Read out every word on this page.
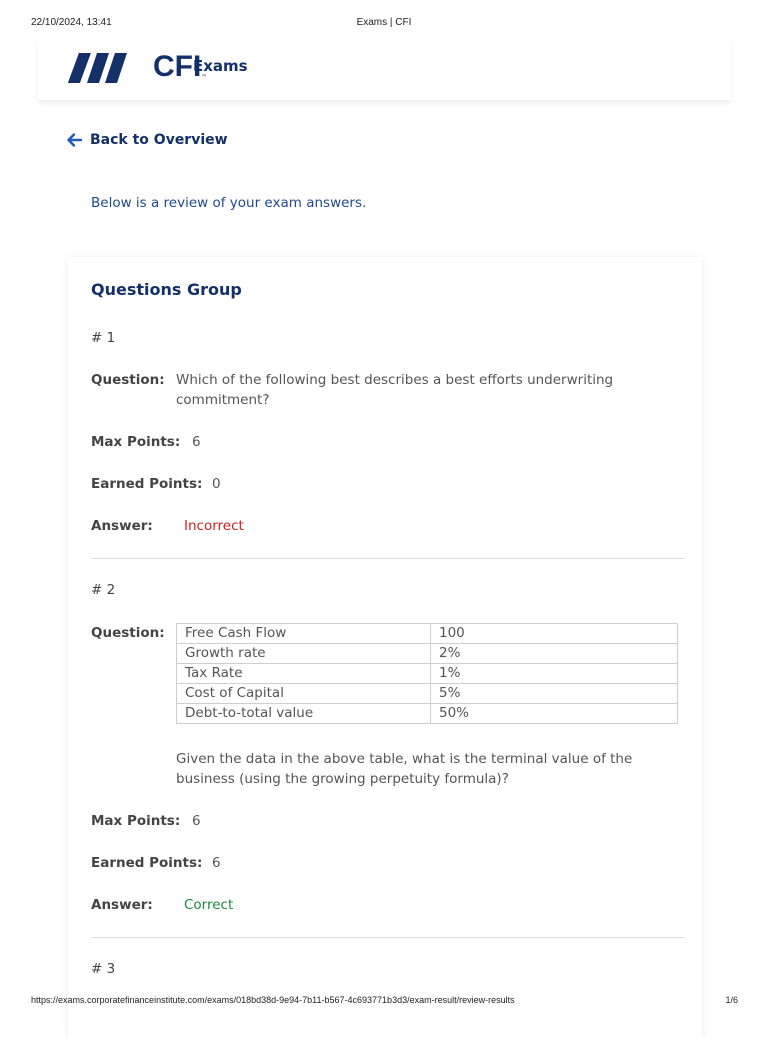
22/10/2024, 13:41	Exams | CFI
CFI ™
Exams
Back to Overview
Below is a review of your exam answers.
Questions Group
# 1
Question: Which of the following best describes a best efforts underwriting commitment?
Max Points: 6
Earned Points: 0
Answer: Incorrect
# 2
Question: Free Cash Flow	100
Growth rate	2%
Tax Rate	1%
Cost of Capital	5%
Debt-to-total value	50%
Given the data in the above table, what is the terminal value of the business (using the growing perpetuity formula)?
Max Points: 6
Earned Points: 6
Answer: Correct
# 3
https://exams.corporatefinanceinstitute.com/exams/018bd38d-9e94-7b11-b567-4c693771b3d3/exam-result/review-results	1/6
